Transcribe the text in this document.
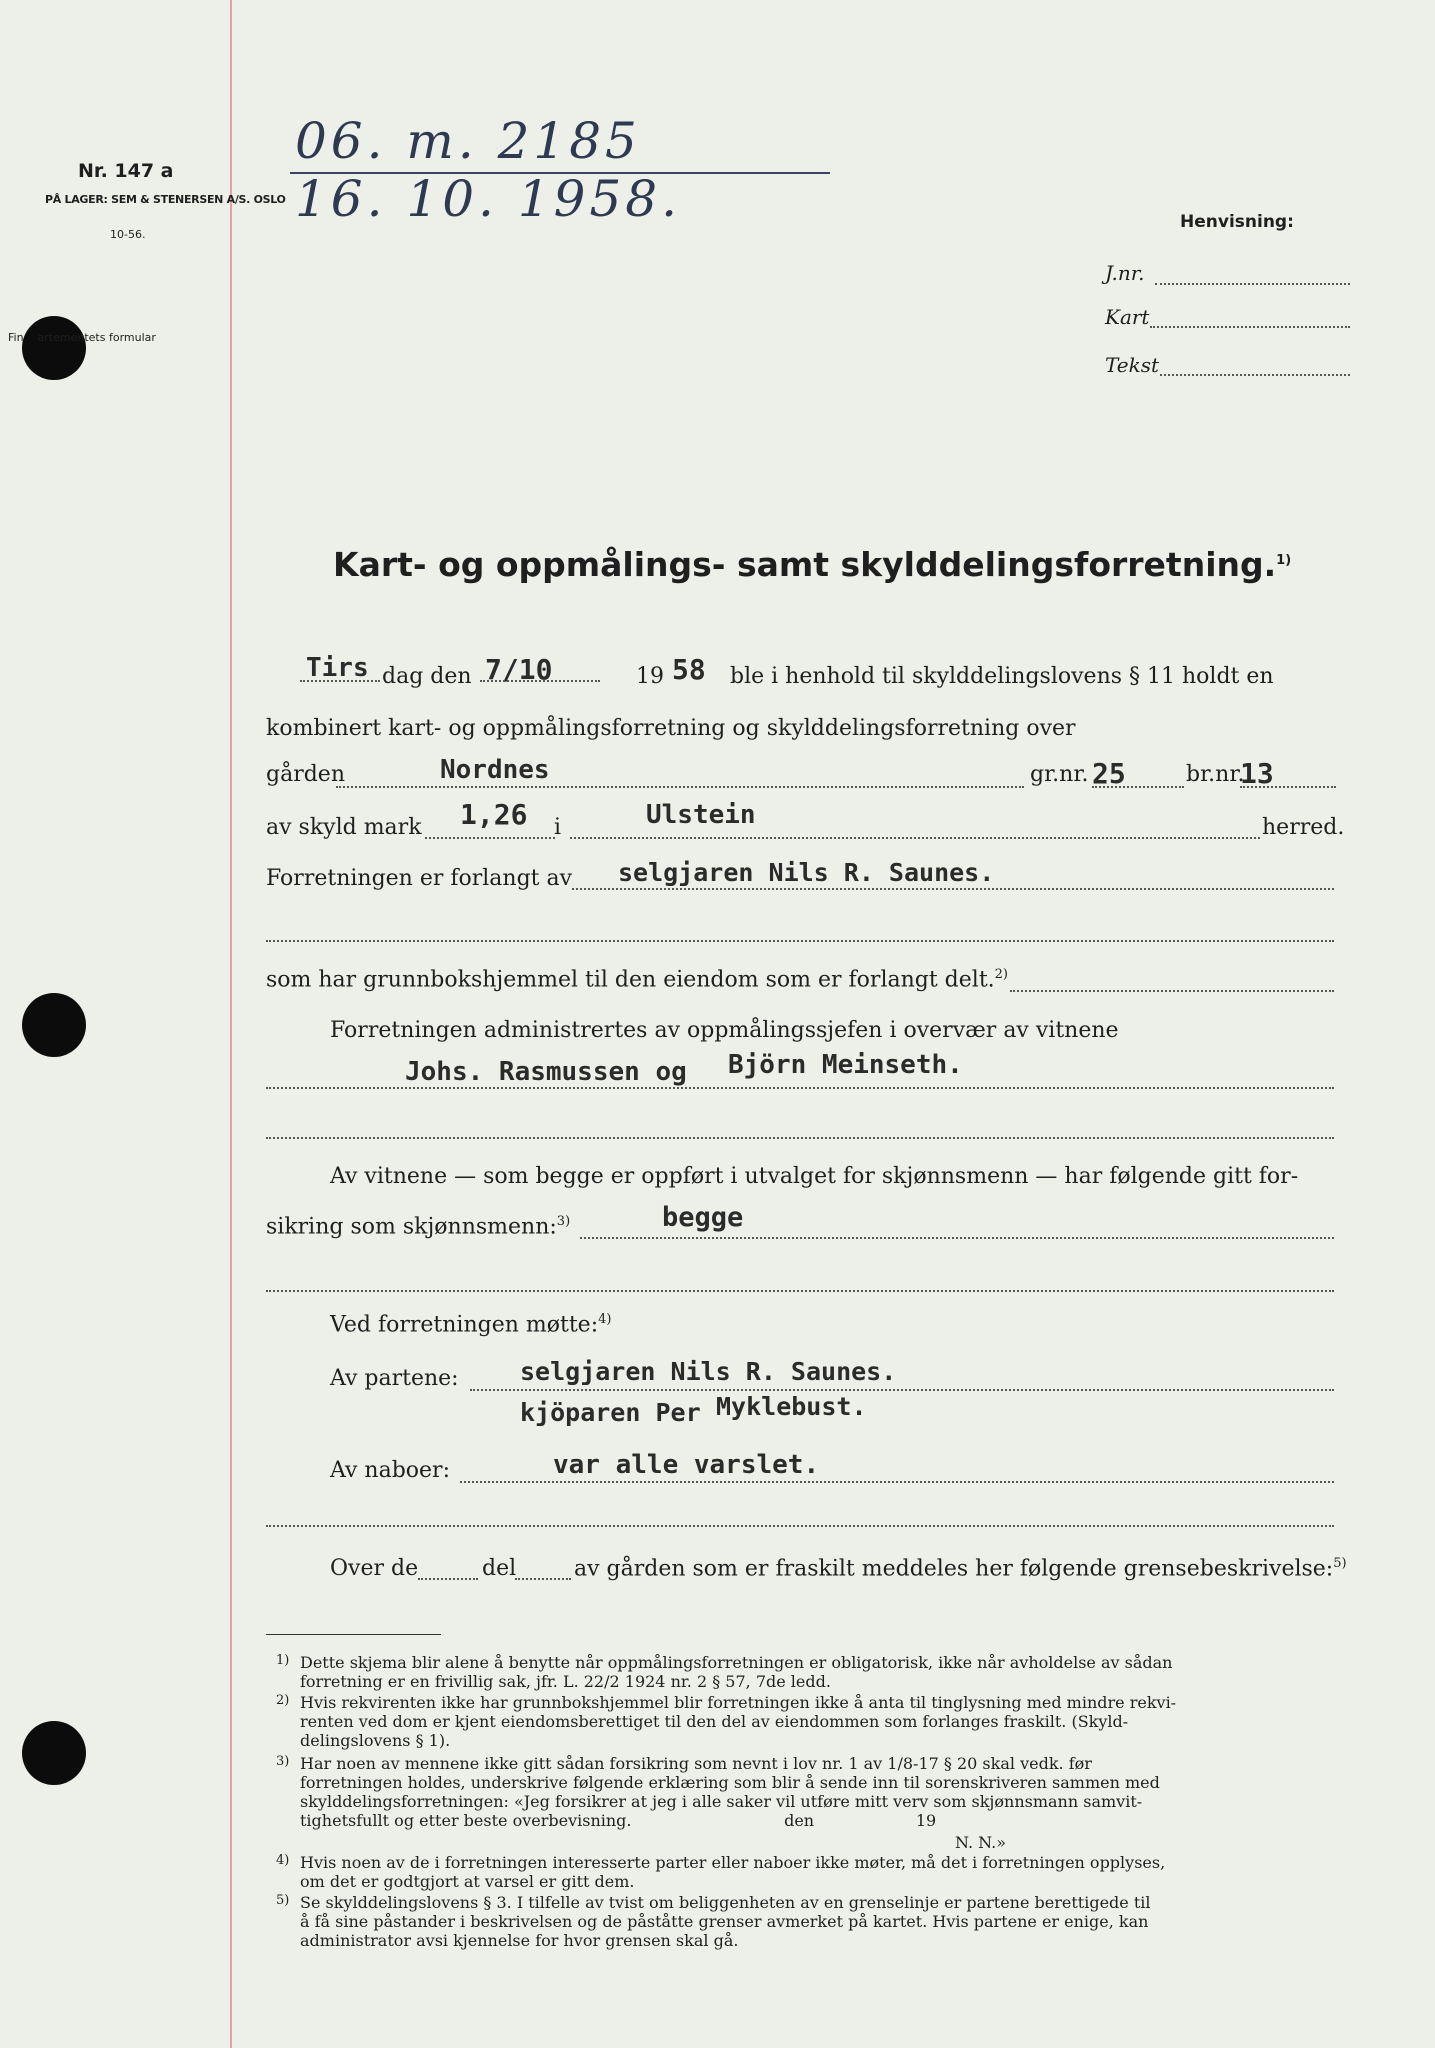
Nr. 147 a
PÅ LAGER: SEM & STENERSEN A/S. OSLO
10-56.
Fin    artementets formular
06. m. 2185
16. 10. 1958.	Henvisning:
J.nr.
Kart
Tekst
Kart- og oppmålings- samt skylddelingsforretning.$^{1)}$
Tirs dag den 7/10	19 58 ble i henhold til skylddelingslovens § 11 holdt en
kombinert kart- og oppmålingsforretning og skylddelingsforretning over
gården	Nordnes	gr.nr. 25	br.nr.
13
av skyld mark 1,26 i	Ulstein	herred.
Forretningen er forlangt av selgjaren Nils R. Saunes.
som har grunnbokshjemmel til den eiendom som er forlangt delt.$^{2)}$
Forretningen administrertes av oppmålingssjefen i overvær av vitnene
Johs. Rasmussen og Björn Meinseth.
Av vitnene — som begge er oppført i utvalget for skjønnsmenn — har følgende gitt for-
sikring som skjønnsmenn:$^{3)}$	begge
Ved forretningen møtte:$^{4)}$
Av partene: selgjaren Nils R. Saunes.
kjöparen Per Myklebust.
Av naboer:	var alle varslet.
Over de	del	av gården som er fraskilt meddeles her følgende grensebeskrivelse:$^{5)}$
1) Dette skjema blir alene å benytte når oppmålingsforretningen er obligatorisk, ikke når avholdelse av sådan
forretning er en frivillig sak, jfr. L. 22/2 1924 nr. 2 § 57, 7de ledd.
2) Hvis rekvirenten ikke har grunnbokshjemmel blir forretningen ikke å anta til tinglysning med mindre rekvi-
renten ved dom er kjent eiendomsberettiget til den del av eiendommen som forlanges fraskilt. (Skyld-
delingslovens § 1).
3) Har noen av mennene ikke gitt sådan forsikring som nevnt i lov nr. 1 av 1/8-17 § 20 skal vedk. før
forretningen holdes, underskrive følgende erklæring som blir å sende inn til sorenskriveren sammen med
skylddelingsforretningen: «Jeg forsikrer at jeg i alle saker vil utføre mitt verv som skjønnsmann samvit-
tighetsfullt og etter beste overbevisning.                              den                    19
N. N.»
4) Hvis noen av de i forretningen interesserte parter eller naboer ikke møter, må det i forretningen opplyses,
om det er godtgjort at varsel er gitt dem.
5) Se skylddelingslovens § 3. I tilfelle av tvist om beliggenheten av en grenselinje er partene berettigede til
å få sine påstander i beskrivelsen og de påståtte grenser avmerket på kartet. Hvis partene er enige, kan
administrator avsi kjennelse for hvor grensen skal gå.
